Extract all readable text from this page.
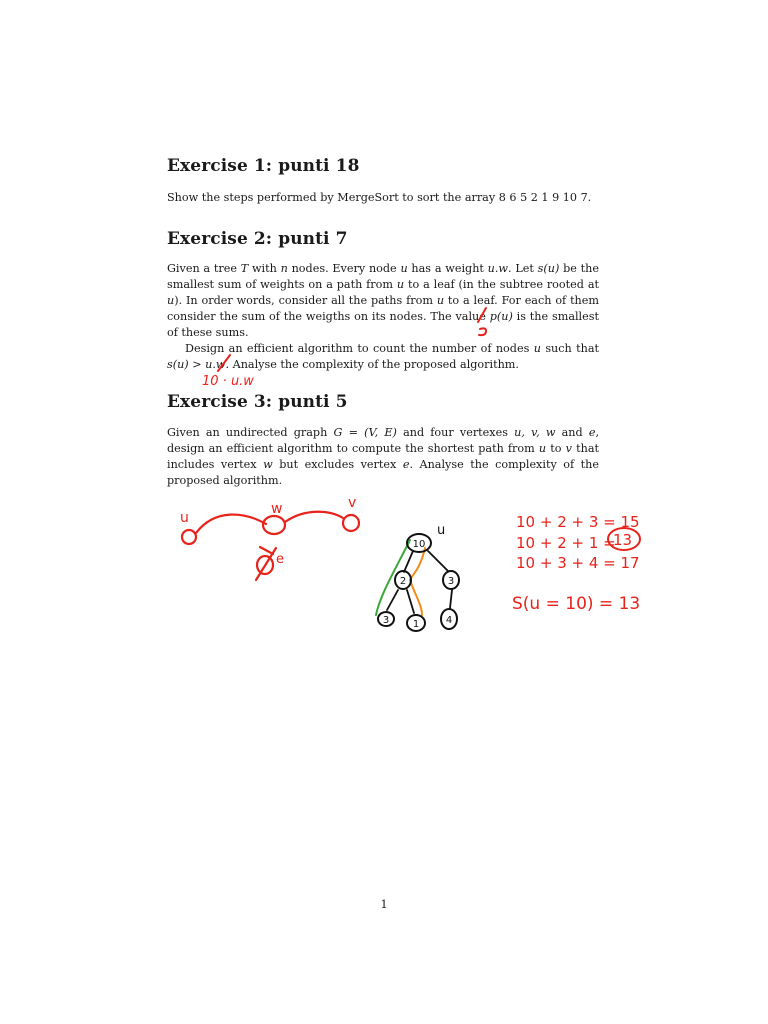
Exercise 1: punti 18

Show the steps performed by MergeSort to sort the array 8 6 5 2 1 9 10 7.

Exercise 2: punti 7
Given a tree T with n nodes. Every node u has a weight u.w. Let s(u) be the smallest sum of weights on a path from u to a leaf (in the subtree rooted at u). In order words, consider all the paths from u to a leaf. For each of them consider the sum of the weigths on its nodes. The value p(u) is the smallest of these sums.
Design an efficient algorithm to count the number of nodes u such that s(u) > u.w. Analyse the complexity of the proposed algorithm.
Exercise 3: punti 5

Given an undirected graph G = (V, E) and four vertexes u, v, w and e, design an efficient algorithm to compute the shortest path from u to v that includes vertex w but excludes vertex e. Analyse the complexity of the proposed algorithm.

10 · u.w
u
w	v
e
u
10
2	3
3 1	4
10 + 2 + 3 = 15
10 + 2 + 1 =
13
10 + 3 + 4 = 17
S(u = 10) = 13
1
